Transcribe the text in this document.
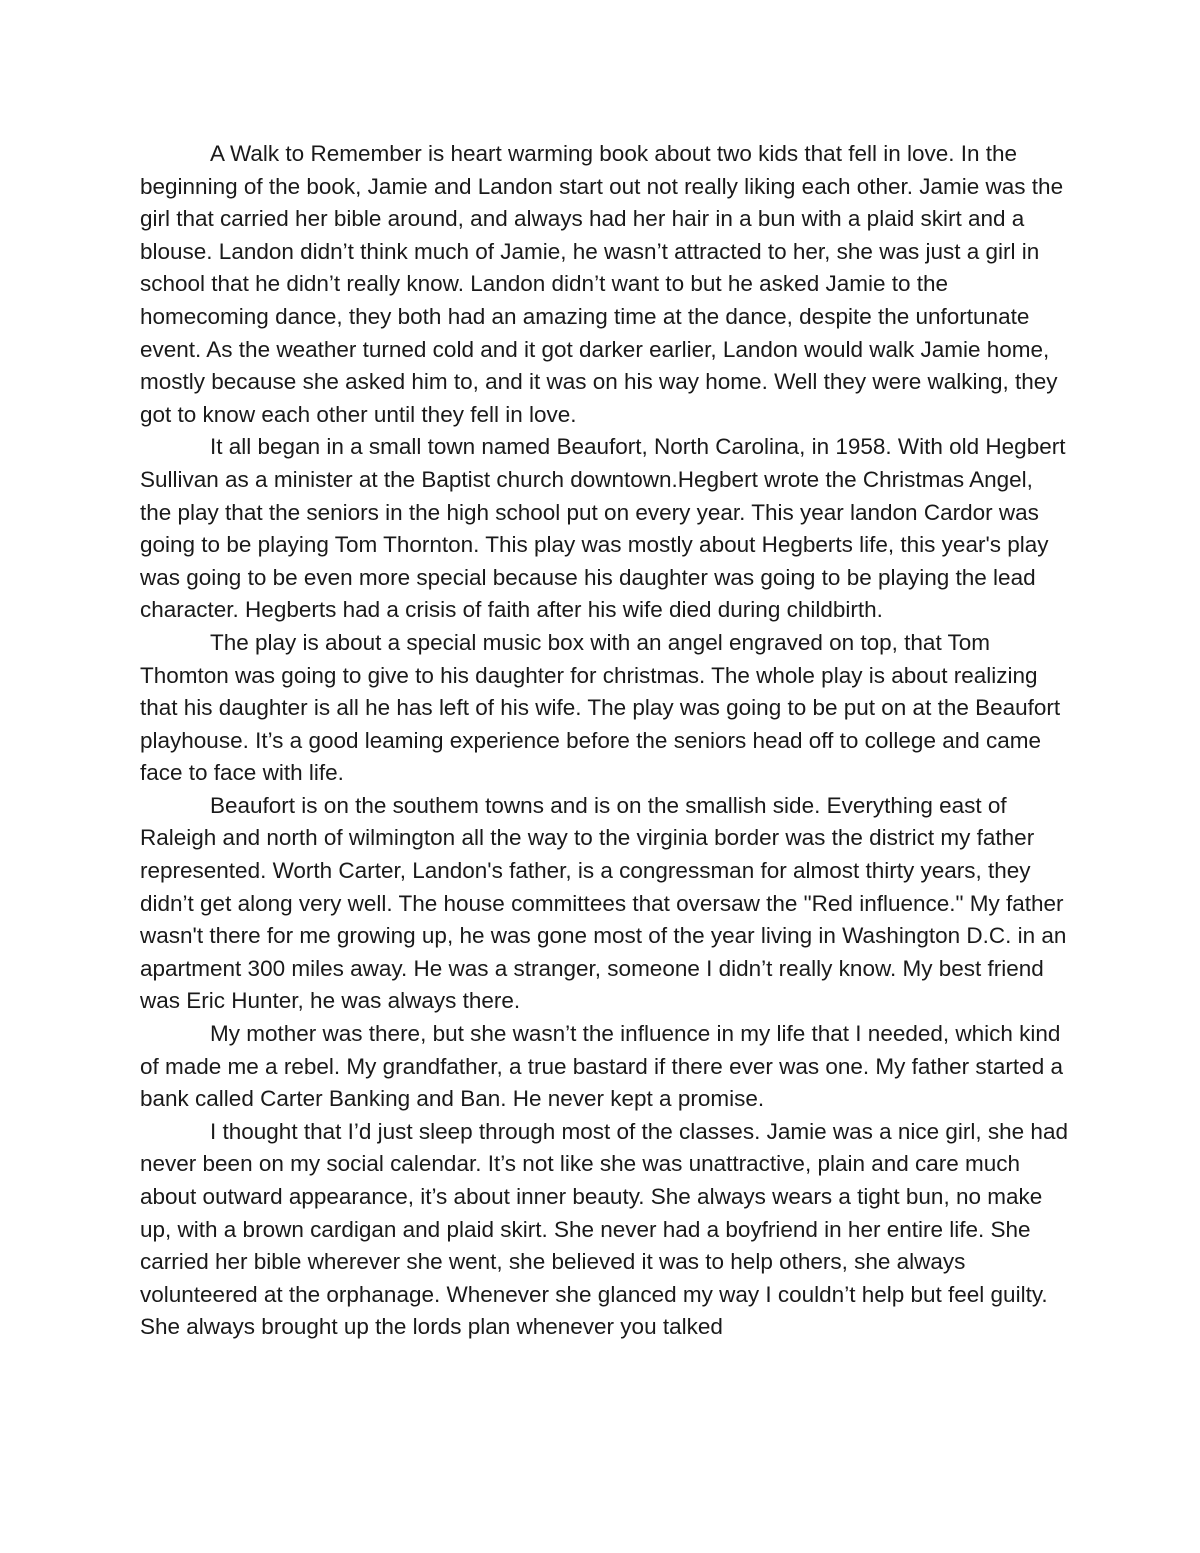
A Walk to Remember is heart warming book about two kids that fell in love. In the beginning of the book, Jamie and Landon start out not really liking each other. Jamie was the girl that carried her bible around, and always had her hair in a bun with a plaid skirt and a blouse. Landon didn’t think much of Jamie, he wasn’t attracted to her, she was just a girl in school that he didn’t really know. Landon didn’t want to but he asked Jamie to the homecoming dance, they both had an amazing time at the dance, despite the unfortunate event. As the weather turned cold and it got darker earlier, Landon would walk Jamie home, mostly because she asked him to, and it was on his way home. Well they were walking, they got to know each other until they fell in love.

It all began in a small town named Beaufort, North Carolina, in 1958. With old Hegbert Sullivan as a minister at the Baptist church downtown.Hegbert wrote the Christmas Angel, the play that the seniors in the high school put on every year. This year landon Cardor was going to be playing Tom Thornton. This play was mostly about Hegberts life, this year's play was going to be even more special because his daughter was going to be playing the lead character. Hegberts had a crisis of faith after his wife died during childbirth.

The play is about a special music box with an angel engraved on top, that Tom Thomton was going to give to his daughter for christmas. The whole play is about realizing that his daughter is all he has left of his wife. The play was going to be put on at the Beaufort playhouse. It’s a good leaming experience before the seniors head off to college and came face to face with life.

Beaufort is on the southem towns and is on the smallish side. Everything east of Raleigh and north of wilmington all the way to the virginia border was the district my father represented. Worth Carter, Landon's father, is a congressman for almost thirty years, they didn’t get along very well. The house committees that oversaw the "Red influence." My father wasn't there for me growing up, he was gone most of the year living in Washington D.C. in an apartment 300 miles away. He was a stranger, someone I didn’t really know. My best friend was Eric Hunter, he was always there.

My mother was there, but she wasn’t the influence in my life that I needed, which kind of made me a rebel. My grandfather, a true bastard if there ever was one. My father started a bank called Carter Banking and Ban. He never kept a promise.

I thought that I’d just sleep through most of the classes. Jamie was a nice girl, she had never been on my social calendar. It’s not like she was unattractive, plain and care much about outward appearance, it’s about inner beauty. She always wears a tight bun, no make up, with a brown cardigan and plaid skirt. She never had a boyfriend in her entire life. She carried her bible wherever she went, she believed it was to help others, she always volunteered at the orphanage. Whenever she glanced my way I couldn’t help but feel guilty. She always brought up the lords plan whenever you talked
